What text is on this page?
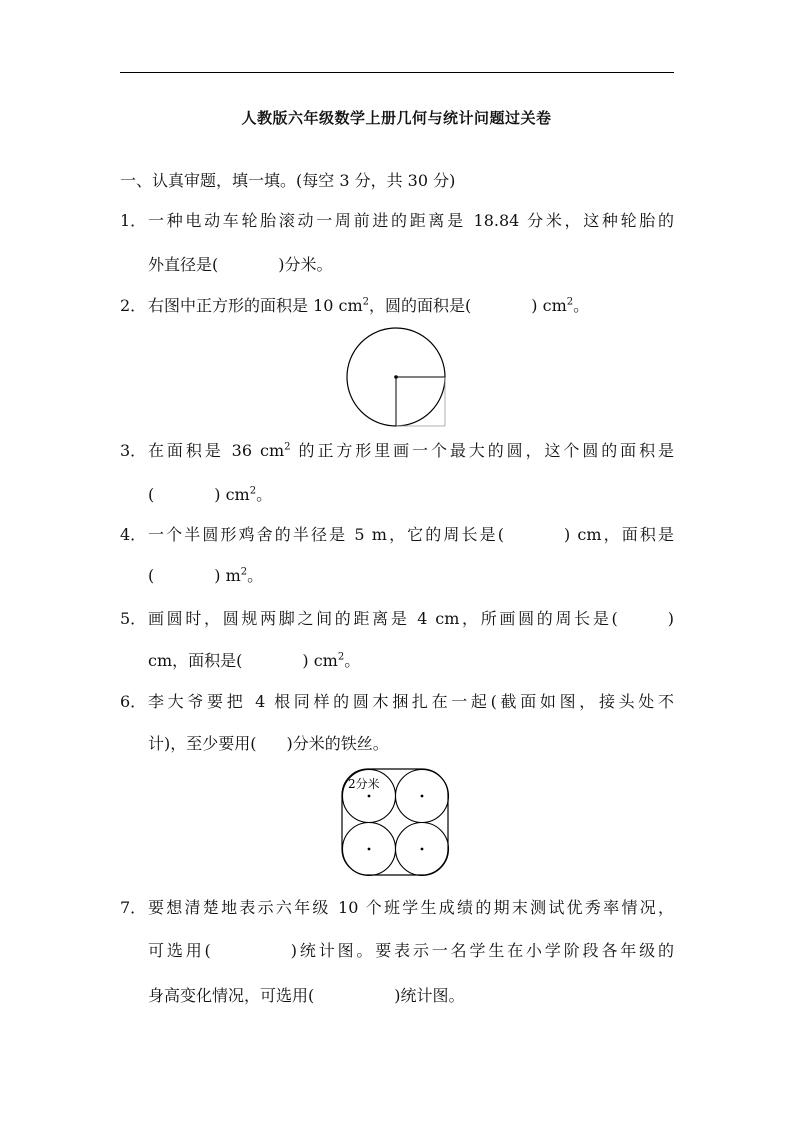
人教版六年级数学上册几何与统计问题过关卷
一、认真审题，填一填。(每空 3 分，共 30 分)
1． 一种电动车轮胎滚动一周前进的距离是 18.84 分米，这种轮胎的
外直径是(	)分米。
2． 右图中正方形的面积是 10 $cm^2$，圆的面积是(	) $cm^2$。
3． 在面积是 36 $cm^2$ 的正方形里画一个最大的圆，这个圆的面积是
(	) $cm^2$。
4． 一个半圆形鸡舍的半径是 5 m，它的周长是(	) cm，面积是
(	) $m^2$。
5． 画圆时，圆规两脚之间的距离是 4 cm，所画圆的周长是(	)
cm，面积是(	) $cm^2$。
6． 李大爷要把 4 根同样的圆木捆扎在一起(截面如图，接头处不
计)，至少要用( )分米的铁丝。
2分米
7． 要想清楚地表示六年级 10 个班学生成绩的期末测试优秀率情况，
可选用(	)统计图。要表示一名学生在小学阶段各年级的
身高变化情况，可选用(	)统计图。
